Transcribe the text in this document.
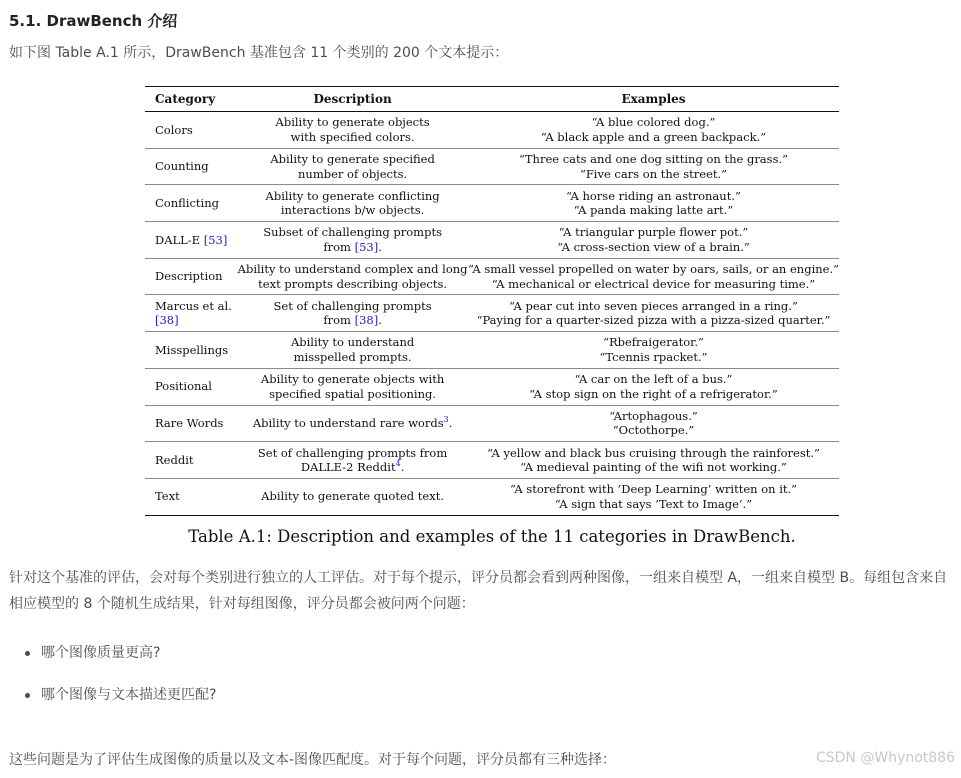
5.1. DrawBench 介绍

如下图 Table A.1 所示，DrawBench 基准包含 11 个类别的 200 个文本提示：

Category	Description	Examples
Colors	Ability to generate objects
with specified colors.	“A blue colored dog.”
“A black apple and a green backpack.”

Counting	Ability to generate specified
number of objects.	“Three cats and one dog sitting on the grass.”
“Five cars on the street.”

Conflicting	Ability to generate conflicting
interactions b/w objects.	“A horse riding an astronaut.”
“A panda making latte art.”

DALL-E [53]	Subset of challenging prompts
from [53].	“A triangular purple flower pot.”
“A cross-section view of a brain.”

Description	Ability to understand complex and long
text prompts describing objects.	“A small vessel propelled on water by oars, sails, or an engine.”
“A mechanical or electrical device for measuring time.”

Marcus et al. [38]	Set of challenging prompts
from [38].	“A pear cut into seven pieces arranged in a ring.”
“Paying for a quarter-sized pizza with a pizza-sized quarter.”

Misspellings	Ability to understand
misspelled prompts.	“Rbefraigerator.”
“Tcennis rpacket.”

Positional	Ability to generate objects with
specified spatial positioning.	“A car on the left of a bus.”
“A stop sign on the right of a refrigerator.”

Rare Words	Ability to understand rare words$^3$.	“Artophagous.”
“Octothorpe.”

Reddit	Set of challenging prompts from
DALLE-2 Reddit$^4$.	“A yellow and black bus cruising through the rainforest.”
“A medieval painting of the wifi not working.”

Text	Ability to generate quoted text.	“A storefront with ’Deep Learning’ written on it.”
“A sign that says ’Text to Image’.”

Table A.1: Description and examples of the 11 categories in DrawBench.

针对这个基准的评估，会对每个类别进行独立的人工评估。对于每个提示，评分员都会看到两种图像，一组来自模型 A，一组来自模型 B。每组包含来自相应模型的 8 个随机生成结果，针对每组图像，评分员都会被问两个问题：

哪个图像质量更高?
哪个图像与文本描述更匹配?

这些问题是为了评估生成图像的质量以及文本-图像匹配度。对于每个问题，评分员都有三种选择：	CSDN @Whynot886
